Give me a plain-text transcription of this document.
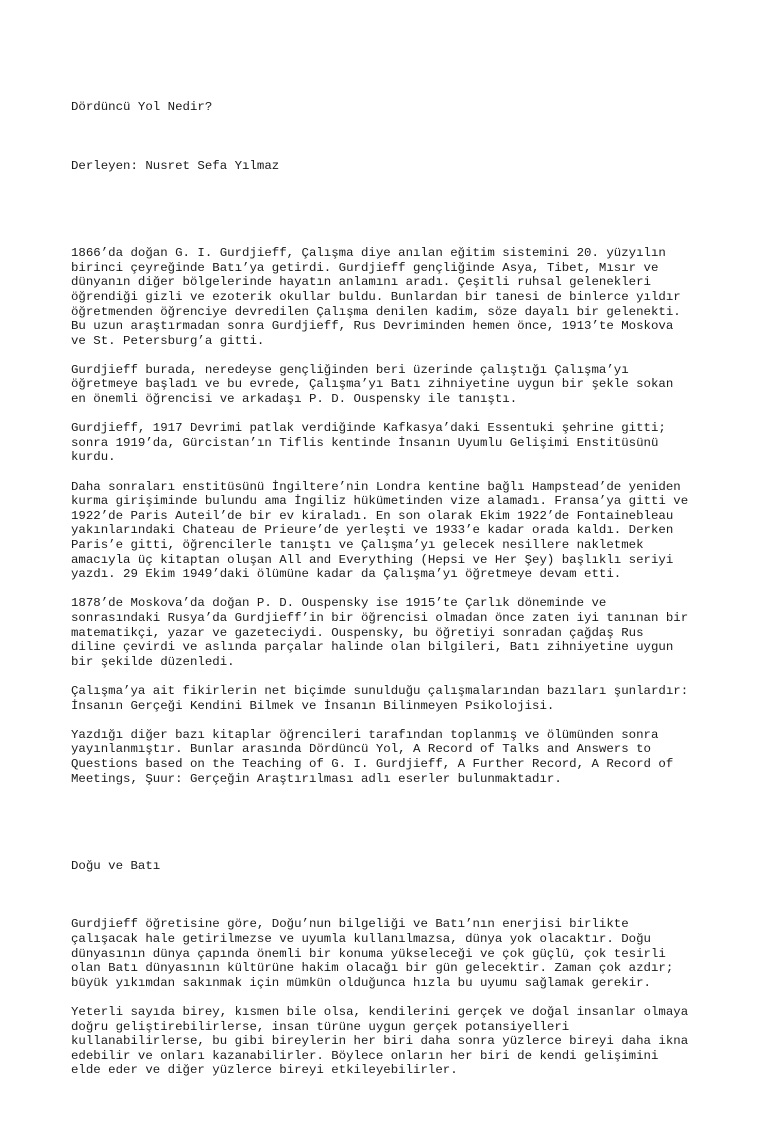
Dördüncü Yol Nedir?

Derleyen: Nusret Sefa Yılmaz

1866’da doğan G. I. Gurdjieff, Çalışma diye anılan eğitim sistemini 20. yüzyılın
birinci çeyreğinde Batı’ya getirdi. Gurdjieff gençliğinde Asya, Tibet, Mısır ve
dünyanın diğer bölgelerinde hayatın anlamını aradı. Çeşitli ruhsal gelenekleri
öğrendiği gizli ve ezoterik okullar buldu. Bunlardan bir tanesi de binlerce yıldır
öğretmenden öğrenciye devredilen Çalışma denilen kadim, söze dayalı bir gelenekti.
Bu uzun araştırmadan sonra Gurdjieff, Rus Devriminden hemen önce, 1913’te Moskova
ve St. Petersburg’a gitti.
Gurdjieff burada, neredeyse gençliğinden beri üzerinde çalıştığı Çalışma’yı
öğretmeye başladı ve bu evrede, Çalışma’yı Batı zihniyetine uygun bir şekle sokan
en önemli öğrencisi ve arkadaşı P. D. Ouspensky ile tanıştı.
Gurdjieff, 1917 Devrimi patlak verdiğinde Kafkasya’daki Essentuki şehrine gitti;
sonra 1919’da, Gürcistan’ın Tiflis kentinde İnsanın Uyumlu Gelişimi Enstitüsünü
kurdu.
Daha sonraları enstitüsünü İngiltere’nin Londra kentine bağlı Hampstead’de yeniden
kurma girişiminde bulundu ama İngiliz hükümetinden vize alamadı. Fransa’ya gitti ve
1922’de Paris Auteil’de bir ev kiraladı. En son olarak Ekim 1922’de Fontainebleau
yakınlarındaki Chateau de Prieure’de yerleşti ve 1933’e kadar orada kaldı. Derken
Paris’e gitti, öğrencilerle tanıştı ve Çalışma’yı gelecek nesillere nakletmek
amacıyla üç kitaptan oluşan All and Everything (Hepsi ve Her Şey) başlıklı seriyi
yazdı. 29 Ekim 1949’daki ölümüne kadar da Çalışma’yı öğretmeye devam etti.
1878’de Moskova’da doğan P. D. Ouspensky ise 1915’te Çarlık döneminde ve
sonrasındaki Rusya’da Gurdjieff’in bir öğrencisi olmadan önce zaten iyi tanınan bir
matematikçi, yazar ve gazeteciydi. Ouspensky, bu öğretiyi sonradan çağdaş Rus
diline çevirdi ve aslında parçalar halinde olan bilgileri, Batı zihniyetine uygun
bir şekilde düzenledi.
Çalışma’ya ait fikirlerin net biçimde sunulduğu çalışmalarından bazıları şunlardır:
İnsanın Gerçeği Kendini Bilmek ve İnsanın Bilinmeyen Psikolojisi.
Yazdığı diğer bazı kitaplar öğrencileri tarafından toplanmış ve ölümünden sonra
yayınlanmıştır. Bunlar arasında Dördüncü Yol, A Record of Talks and Answers to
Questions based on the Teaching of G. I. Gurdjieff, A Further Record, A Record of
Meetings, Şuur: Gerçeğin Araştırılması adlı eserler bulunmaktadır.

Doğu ve Batı

Gurdjieff öğretisine göre, Doğu’nun bilgeliği ve Batı’nın enerjisi birlikte
çalışacak hale getirilmezse ve uyumla kullanılmazsa, dünya yok olacaktır. Doğu
dünyasının dünya çapında önemli bir konuma yükseleceği ve çok güçlü, çok tesirli
olan Batı dünyasının kültürüne hakim olacağı bir gün gelecektir. Zaman çok azdır;
büyük yıkımdan sakınmak için mümkün olduğunca hızla bu uyumu sağlamak gerekir.
Yeterli sayıda birey, kısmen bile olsa, kendilerini gerçek ve doğal insanlar olmaya
doğru geliştirebilirlerse, insan türüne uygun gerçek potansiyelleri
kullanabilirlerse, bu gibi bireylerin her biri daha sonra yüzlerce bireyi daha ikna
edebilir ve onları kazanabilirler. Böylece onların her biri de kendi gelişimini
elde eder ve diğer yüzlerce bireyi etkileyebilirler.
